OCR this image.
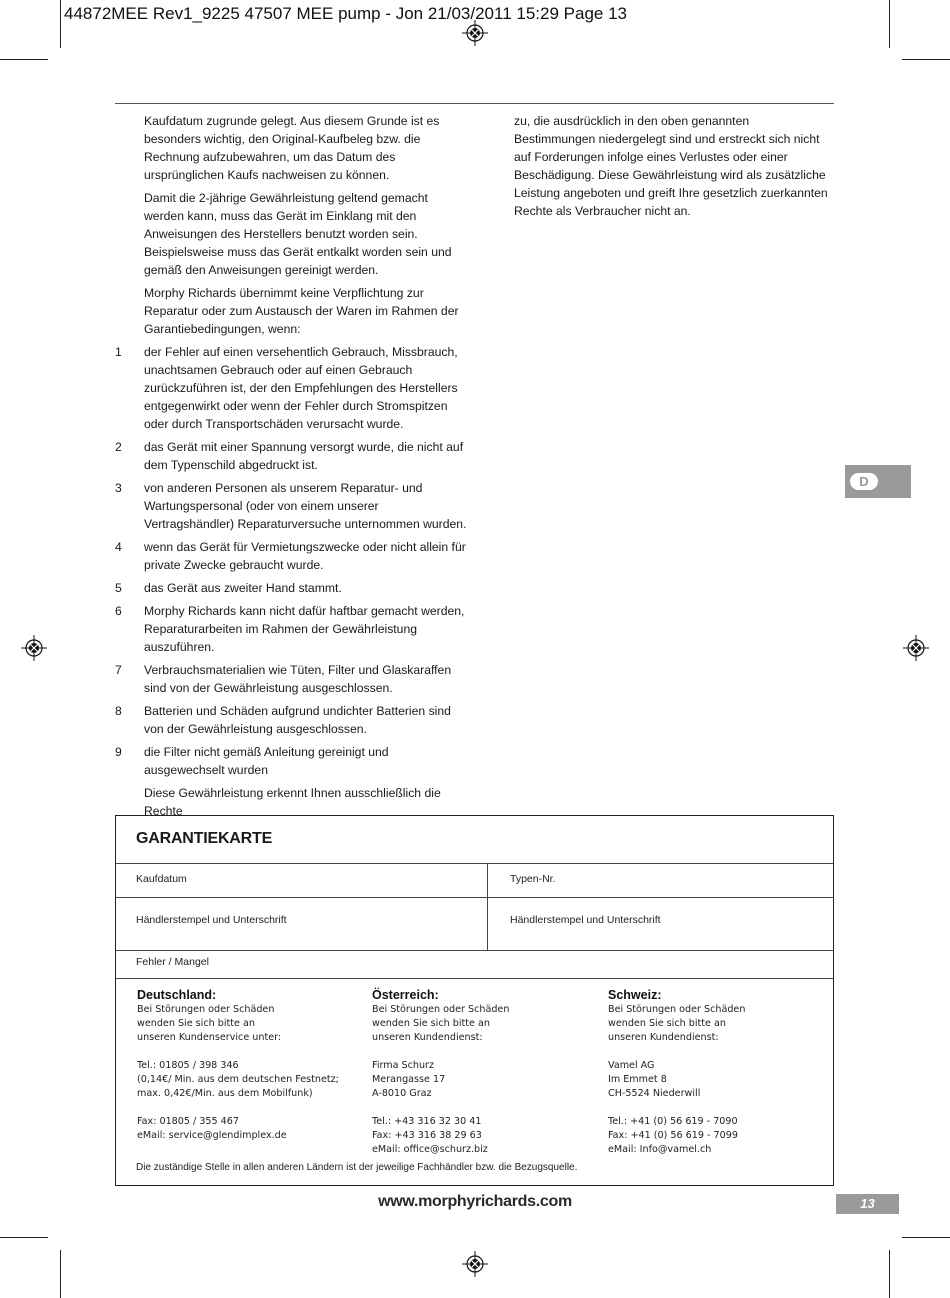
44872MEE Rev1_9225 47507 MEE pump - Jon 21/03/2011 15:29 Page 13

Kaufdatum zugrunde gelegt. Aus diesem Grunde ist es besonders wichtig, den Original-Kaufbeleg bzw. die Rechnung aufzubewahren, um das Datum des ursprünglichen Kaufs nachweisen zu können.

Damit die 2-jährige Gewährleistung geltend gemacht werden kann, muss das Gerät im Einklang mit den Anweisungen des Herstellers benutzt worden sein. Beispielsweise muss das Gerät entkalkt worden sein und gemäß den Anweisungen gereinigt werden.

Morphy Richards übernimmt keine Verpflichtung zur Reparatur oder zum Austausch der Waren im Rahmen der Garantiebedingungen, wenn:

1 der Fehler auf einen versehentlich Gebrauch, Missbrauch, unachtsamen Gebrauch oder auf einen Gebrauch zurückzuführen ist, der den Empfehlungen des Herstellers entgegenwirkt oder wenn der Fehler durch Stromspitzen oder durch Transportschäden verursacht wurde.
2 das Gerät mit einer Spannung versorgt wurde, die nicht auf dem Typenschild abgedruckt ist.
3 von anderen Personen als unserem Reparatur- und Wartungspersonal (oder von einem unserer Vertragshändler) Reparaturversuche unternommen wurden.
4 wenn das Gerät für Vermietungszwecke oder nicht allein für private Zwecke gebraucht wurde.
5 das Gerät aus zweiter Hand stammt.
6 Morphy Richards kann nicht dafür haftbar gemacht werden, Reparaturarbeiten im Rahmen der Gewährleistung auszuführen.
7 Verbrauchsmaterialien wie Tüten, Filter und Glaskaraffen sind von der Gewährleistung ausgeschlossen.
8 Batterien und Schäden aufgrund undichter Batterien sind von der Gewährleistung ausgeschlossen.
9 die Filter nicht gemäß Anleitung gereinigt und ausgewechselt wurden

Diese Gewährleistung erkennt Ihnen ausschließlich die Rechte

zu, die ausdrücklich in den oben genannten Bestimmungen niedergelegt sind und erstreckt sich nicht auf Forderungen infolge eines Verlustes oder einer Beschädigung. Diese Gewährleistung wird als zusätzliche Leistung angeboten und greift Ihre gesetzlich zuerkannten Rechte als Verbraucher nicht an.

D
GARANTIEKARTE
Kaufdatum	Typen-Nr.
Händlerstempel und Unterschrift	Händlerstempel und Unterschrift
Fehler / Mangel
Deutschland:
Bei Störungen oder Schäden
wenden Sie sich bitte an
unseren Kundenservice unter:
Tel.: 01805 / 398 346
(0,14€/ Min. aus dem deutschen Festnetz;
max. 0,42€/Min. aus dem Mobilfunk)
Fax: 01805 / 355 467
eMail: service@glendimplex.de
Österreich:
Bei Störungen oder Schäden
wenden Sie sich bitte an
unseren Kundendienst:
Firma Schurz
Merangasse 17
A-8010 Graz
Tel.: +43 316 32 30 41
Fax: +43 316 38 29 63
eMail: office@schurz.biz
Schweiz:
Bei Störungen oder Schäden
wenden Sie sich bitte an
unseren Kundendienst:
Vamel AG
Im Emmet 8
CH-5524 Niederwill
Tel.: +41 (0) 56 619 - 7090
Fax: +41 (0) 56 619 - 7099
eMail: Info@vamel.ch
Die zuständige Stelle in allen anderen Ländern ist der jeweilige Fachhändler bzw. die Bezugsquelle.
www.morphyrichards.com	13
